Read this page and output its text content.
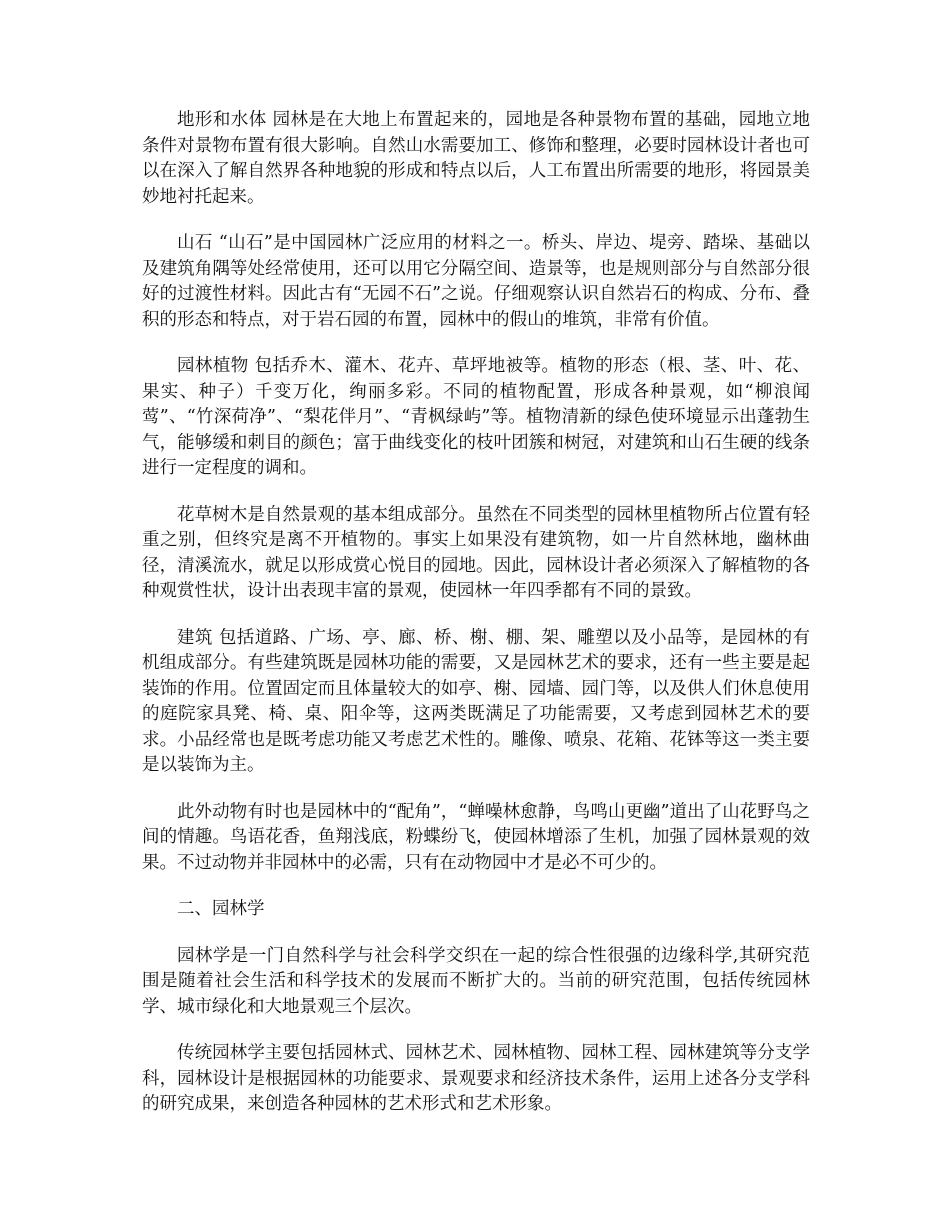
地形和水体 园林是在大地上布置起来的，园地是各种景物布置的基础，园地立地条件对景物布置有很大影响。自然山水需要加工、修饰和整理，必要时园林设计者也可以在深入了解自然界各种地貌的形成和特点以后，人工布置出所需要的地形，将园景美妙地衬托起来。

山石 “山石”是中国园林广泛应用的材料之一。桥头、岸边、堤旁、踏垛、基础以及建筑角隅等处经常使用，还可以用它分隔空间、造景等，也是规则部分与自然部分很好的过渡性材料。因此古有“无园不石”之说。仔细观察认识自然岩石的构成、分布、叠积的形态和特点，对于岩石园的布置，园林中的假山的堆筑，非常有价值。

园林植物 包括乔木、灌木、花卉、草坪地被等。植物的形态（根、茎、叶、花、果实、种子）千变万化，绚丽多彩。不同的植物配置，形成各种景观，如“柳浪闻莺”、“竹深荷净”、“梨花伴月”、“青枫绿屿”等。植物清新的绿色使环境显示出蓬勃生气，能够缓和刺目的颜色；富于曲线变化的枝叶团簇和树冠，对建筑和山石生硬的线条进行一定程度的调和。

花草树木是自然景观的基本组成部分。虽然在不同类型的园林里植物所占位置有轻重之别，但终究是离不开植物的。事实上如果没有建筑物，如一片自然林地，幽林曲径，清溪流水，就足以形成赏心悦目的园地。因此，园林设计者必须深入了解植物的各种观赏性状，设计出表现丰富的景观，使园林一年四季都有不同的景致。

建筑 包括道路、广场、亭、廊、桥、榭、棚、架、雕塑以及小品等，是园林的有机组成部分。有些建筑既是园林功能的需要，又是园林艺术的要求，还有一些主要是起装饰的作用。位置固定而且体量较大的如亭、榭、园墙、园门等，以及供人们休息使用的庭院家具凳、椅、桌、阳伞等，这两类既满足了功能需要，又考虑到园林艺术的要求。小品经常也是既考虑功能又考虑艺术性的。雕像、喷泉、花箱、花钵等这一类主要是以装饰为主。

此外动物有时也是园林中的“配角”，“蝉噪林愈静，鸟鸣山更幽”道出了山花野鸟之间的情趣。鸟语花香，鱼翔浅底，粉蝶纷飞，使园林增添了生机，加强了园林景观的效果。不过动物并非园林中的必需，只有在动物园中才是必不可少的。

二、园林学

园林学是一门自然科学与社会科学交织在一起的综合性很强的边缘科学,其研究范围是随着社会生活和科学技术的发展而不断扩大的。当前的研究范围，包括传统园林学、城市绿化和大地景观三个层次。

传统园林学主要包括园林式、园林艺术、园林植物、园林工程、园林建筑等分支学科，园林设计是根据园林的功能要求、景观要求和经济技术条件，运用上述各分支学科的研究成果，来创造各种园林的艺术形式和艺术形象。
